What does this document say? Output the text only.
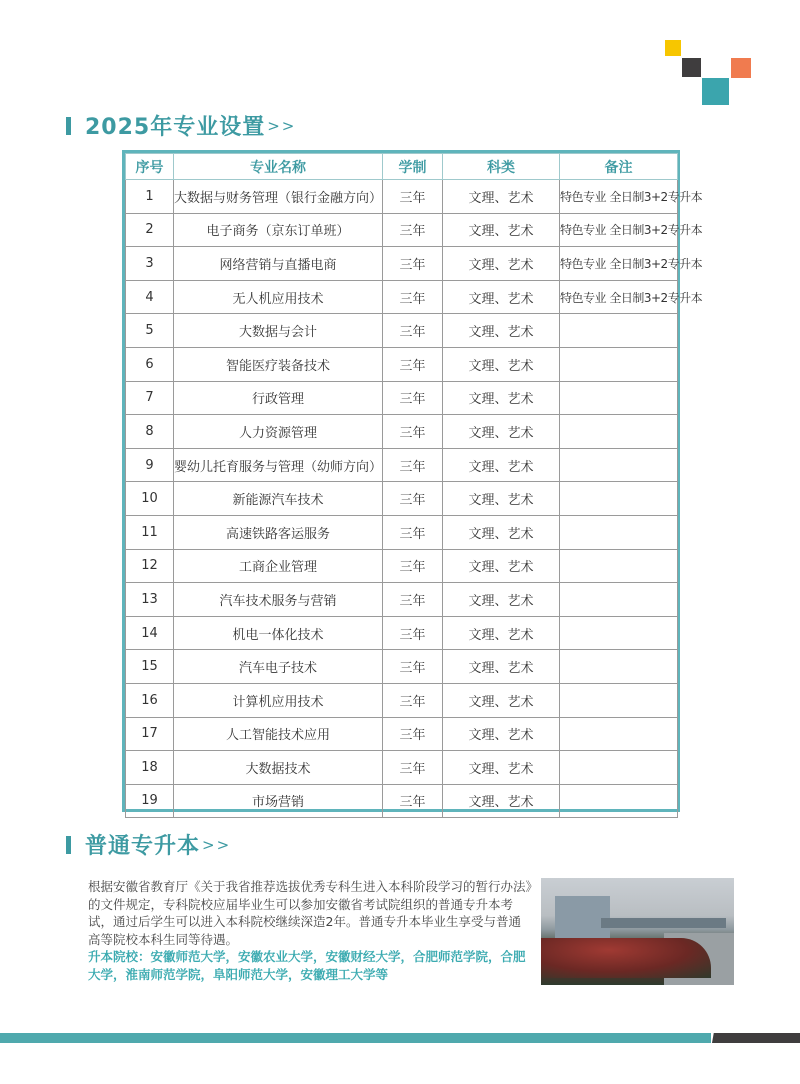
2025年专业设置 >>
序号	专业名称	学制	科类	备注
1	大数据与财务管理（银行金融方向）	三年	文理、艺术	特色专业 全日制3+2专升本
2	电子商务（京东订单班）	三年	文理、艺术	特色专业 全日制3+2专升本
3	网络营销与直播电商	三年	文理、艺术	特色专业 全日制3+2专升本
4	无人机应用技术	三年	文理、艺术	特色专业 全日制3+2专升本
5	大数据与会计	三年	文理、艺术	
6	智能医疗装备技术	三年	文理、艺术	
7	行政管理	三年	文理、艺术	
8	人力资源管理	三年	文理、艺术	
9	婴幼儿托育服务与管理（幼师方向）	三年	文理、艺术	
10	新能源汽车技术	三年	文理、艺术	
11	高速铁路客运服务	三年	文理、艺术	
12	工商企业管理	三年	文理、艺术	
13	汽车技术服务与营销	三年	文理、艺术	
14	机电一体化技术	三年	文理、艺术	
15	汽车电子技术	三年	文理、艺术	
16	计算机应用技术	三年	文理、艺术	
17	人工智能技术应用	三年	文理、艺术	
18	大数据技术	三年	文理、艺术	
19	市场营销	三年	文理、艺术	
普通专升本 >>

根据安徽省教育厅《关于我省推荐选拔优秀专科生进入本科阶段学习的暂行办法》的文件规定，专科院校应届毕业生可以参加安徽省考试院组织的普通专升本考试，通过后学生可以进入本科院校继续深造2年。普通专升本毕业生享受与普通高等院校本科生同等待遇。

升本院校：安徽师范大学，安徽农业大学，安徽财经大学，合肥师范学院，合肥大学，淮南师范学院，阜阳师范大学，安徽理工大学等
